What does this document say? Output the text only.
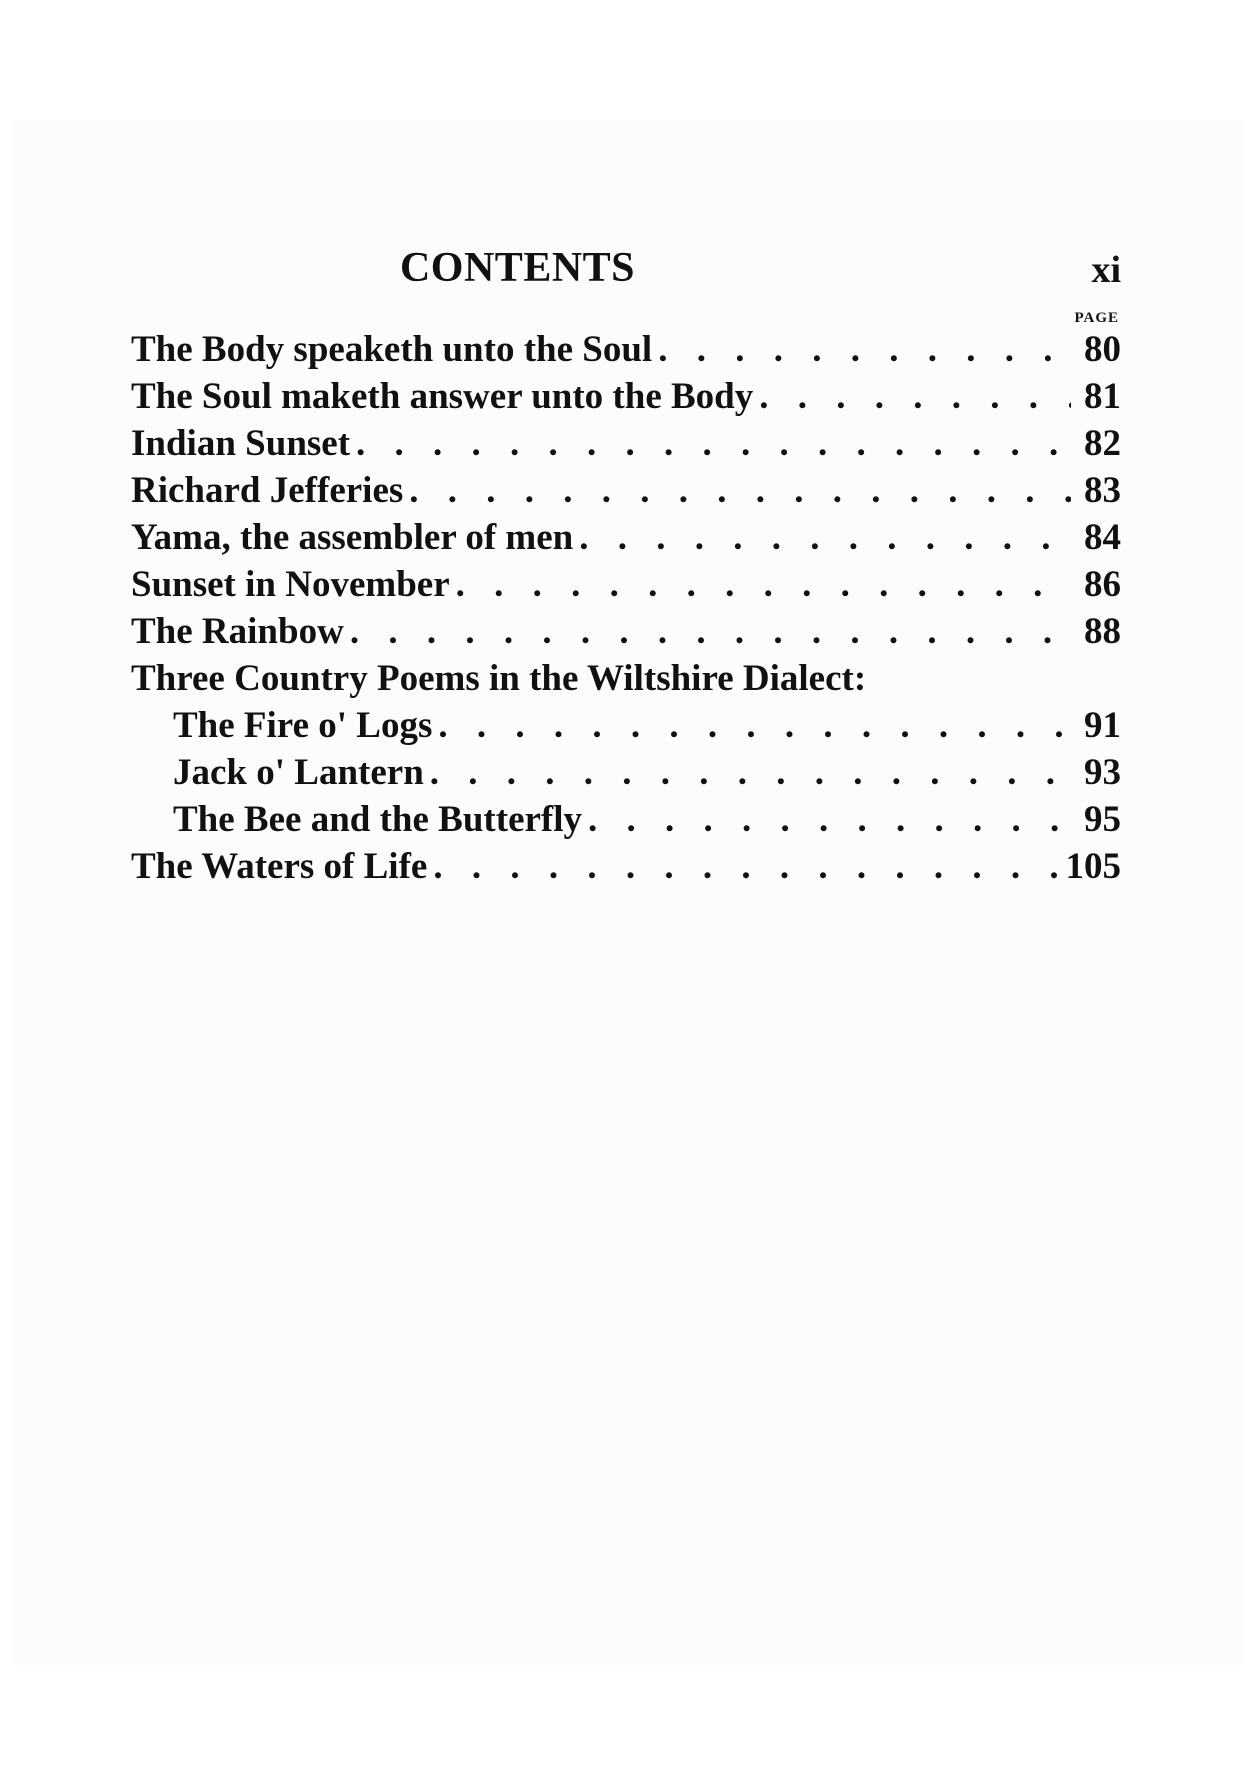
CONTENTS	xi
PAGE
The Body speaketh unto the Soul . . .	80
The Soul maketh answer unto the Body . . .	81
Indian Sunset . . .	82
Richard Jefferies . . .	83
Yama, the assembler of men . . .	84
Sunset in November . . .	86
The Rainbow . . .	88
Three Country Poems in the Wiltshire Dialect:
The Fire o' Logs . . .	91
Jack o' Lantern . . .	93
The Bee and the Butterfly . . .	95
The Waters of Life . . .	105
